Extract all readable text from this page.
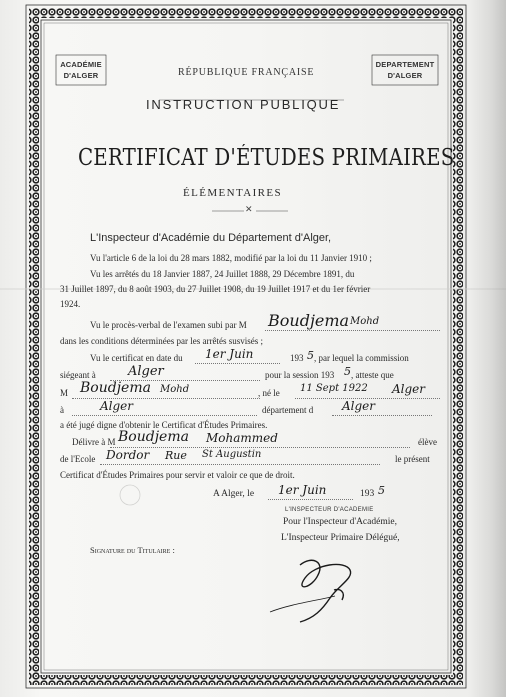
ACADÉMIE
D'ALGER	RÉPUBLIQUE FRANÇAISE
DEPARTEMENT
D'ALGER
INSTRUCTION PUBLIQUE
CERTIFICAT D'ÉTUDES PRIMAIRES
ÉLÉMENTAIRES
✕
L'Inspecteur d'Académie du Département d'Alger,
Vu l'article 6 de la loi du 28 mars 1882, modifié par la loi du 11 Janvier 1910 ;
Vu les arrêtés du 18 Janvier 1887, 24 Juillet 1888, 29 Décembre 1891, du
31 Juillet 1897, du 8 août 1903, du 27 Juillet 1908, du 19 Juillet 1917 et du 1er février
1924.
Vu le procès-verbal de l'examen subi par M Boudjema Mohd
dans les conditions déterminées par les arrêtés susvisés ;
Vu le certificat en date du 1er Juin	193 5 , par lequel la commission
siégeant à Alger	pour la session 193 5 , atteste que
M Boudjema Mohd	, né le 11 Sept 1922 Alger
à	Alger	département d Alger
a été jugé digne d'obtenir le Certificat d'Études Primaires.
Délivre à M Boudjema Mohammed	élève
de l'Ecole Dordor Rue St Augustin	le présent
Certificat d'Études Primaires pour servir et valoir ce que de droit.
A Alger, le 1er Juin	193 5
L'INSPECTEUR D'ACADEMIE
Pour l'Inspecteur d'Académie,
L'Inspecteur Primaire Délégué,
Signature du Titulaire :
